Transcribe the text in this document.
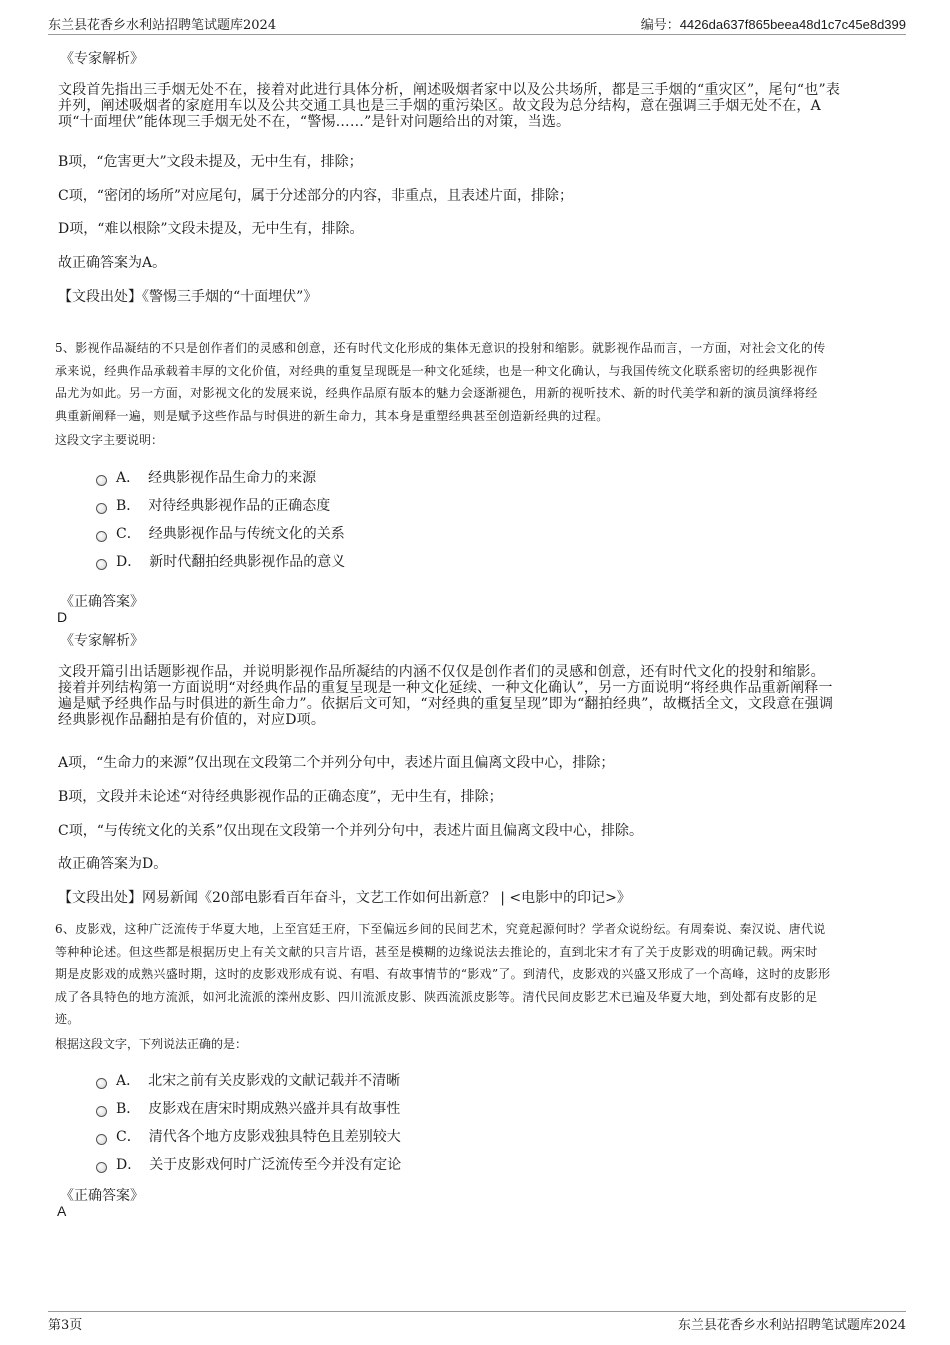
东兰县花香乡水利站招聘笔试题库2024	编号：4426da637f865beea48d1c7c45e8d399
《专家解析》
文段首先指出三手烟无处不在，接着对此进行具体分析，阐述吸烟者家中以及公共场所，都是三手烟的“重灾区”，尾句“也”表
并列，阐述吸烟者的家庭用车以及公共交通工具也是三手烟的重污染区。故文段为总分结构，意在强调三手烟无处不在，A
项“十面埋伏”能体现三手烟无处不在，“警惕……”是针对问题给出的对策，当选。
B项，“危害更大”文段未提及，无中生有，排除；
C项，“密闭的场所”对应尾句，属于分述部分的内容，非重点，且表述片面，排除；
D项，“难以根除”文段未提及，无中生有，排除。
故正确答案为A。
【文段出处】《警惕三手烟的“十面埋伏”》
5、影视作品凝结的不只是创作者们的灵感和创意，还有时代文化形成的集体无意识的投射和缩影。就影视作品而言，一方面，对社会文化的传
承来说，经典作品承载着丰厚的文化价值，对经典的重复呈现既是一种文化延续，也是一种文化确认，与我国传统文化联系密切的经典影视作
品尤为如此。另一方面，对影视文化的发展来说，经典作品原有版本的魅力会逐渐褪色，用新的视听技术、新的时代美学和新的演员演绎将经
典重新阐释一遍，则是赋予这些作品与时俱进的新生命力，其本身是重塑经典甚至创造新经典的过程。
这段文字主要说明：
A． 经典影视作品生命力的来源
B． 对待经典影视作品的正确态度
C． 经典影视作品与传统文化的关系
D． 新时代翻拍经典影视作品的意义
《正确答案》
D
《专家解析》
文段开篇引出话题影视作品，并说明影视作品所凝结的内涵不仅仅是创作者们的灵感和创意，还有时代文化的投射和缩影。
接着并列结构第一方面说明“对经典作品的重复呈现是一种文化延续、一种文化确认”，另一方面说明“将经典作品重新阐释一
遍是赋予经典作品与时俱进的新生命力”。依据后文可知，“对经典的重复呈现”即为“翻拍经典”，故概括全文，文段意在强调
经典影视作品翻拍是有价值的，对应D项。
A项，“生命力的来源”仅出现在文段第二个并列分句中，表述片面且偏离文段中心，排除；
B项，文段并未论述“对待经典影视作品的正确态度”，无中生有，排除；
C项，“与传统文化的关系”仅出现在文段第一个并列分句中，表述片面且偏离文段中心，排除。
故正确答案为D。
【文段出处】网易新闻《20部电影看百年奋斗，文艺工作如何出新意？ | <电影中的印记>》
6、皮影戏，这种广泛流传于华夏大地，上至宫廷王府，下至偏远乡间的民间艺术，究竟起源何时？学者众说纷纭。有周秦说、秦汉说、唐代说
等种种论述。但这些都是根据历史上有关文献的只言片语，甚至是模糊的边缘说法去推论的，直到北宋才有了关于皮影戏的明确记载。两宋时
期是皮影戏的成熟兴盛时期，这时的皮影戏形成有说、有唱、有故事情节的“影戏”了。到清代，皮影戏的兴盛又形成了一个高峰，这时的皮影形
成了各具特色的地方流派，如河北流派的滦州皮影、四川流派皮影、陕西流派皮影等。清代民间皮影艺术已遍及华夏大地，到处都有皮影的足
迹。
根据这段文字，下列说法正确的是：
A． 北宋之前有关皮影戏的文献记载并不清晰
B． 皮影戏在唐宋时期成熟兴盛并具有故事性
C． 清代各个地方皮影戏独具特色且差别较大
D． 关于皮影戏何时广泛流传至今并没有定论
《正确答案》
A
第3页	东兰县花香乡水利站招聘笔试题库2024
